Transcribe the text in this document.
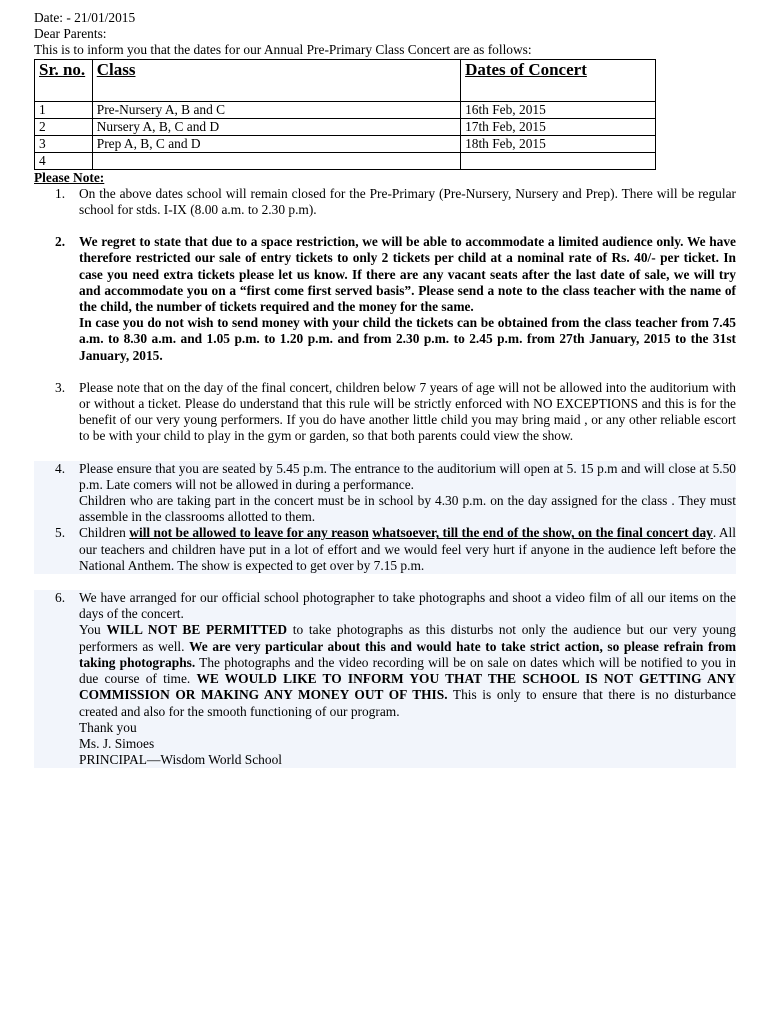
Date: - 21/01/2015

Dear Parents:

This is to inform you that the dates for our Annual Pre-Primary Class Concert are as follows:

Sr. no.	Class	Dates of Concert
1	Pre-Nursery A, B and C	16th Feb, 2015
2	Nursery A, B, C and D	17th Feb, 2015
3	Prep A, B, C and D	18th Feb, 2015
4		

Please Note:

1. On the above dates school will remain closed for the Pre-Primary (Pre-Nursery, Nursery and Prep). There will be regular school for stds. I-IX (8.00 a.m. to 2.30 p.m).
2. We regret to state that due to a space restriction, we will be able to accommodate a limited audience only. We have therefore restricted our sale of entry tickets to only 2 tickets per child at a nominal rate of Rs. 40/- per ticket. In case you need extra tickets please let us know. If there are any vacant seats after the last date of sale, we will try and accommodate you on a “first come first served basis”. Please send a note to the class teacher with the name of the child, the number of tickets required and the money for the same.
In case you do not wish to send money with your child the tickets can be obtained from the class teacher from 7.45 a.m. to 8.30 a.m. and 1.05 p.m. to 1.20 p.m. and from 2.30 p.m. to 2.45 p.m. from 27th January, 2015 to the 31st January, 2015.
3. Please note that on the day of the final concert, children below 7 years of age will not be allowed into the auditorium with or without a ticket. Please do understand that this rule will be strictly enforced with NO EXCEPTIONS and this is for the benefit of our very young performers. If you do have another little child you may bring maid , or any other reliable escort to be with your child to play in the gym or garden, so that both parents could view the show.
4. Please ensure that you are seated by 5.45 p.m. The entrance to the auditorium will open at 5. 15 p.m and will close at 5.50 p.m. Late comers will not be allowed in during a performance.
Children who are taking part in the concert must be in school by 4.30 p.m. on the day assigned for the class . They must assemble in the classrooms allotted to them.
5. Children will not be allowed to leave for any reason whatsoever, till the end of the show, on the final concert day. All our teachers and children have put in a lot of effort and we would feel very hurt if anyone in the audience left before the National Anthem. The show is expected to get over by 7.15 p.m.
6. We have arranged for our official school photographer to take photographs and shoot a video film of all our items on the days of the concert.
You WILL NOT BE PERMITTED to take photographs as this disturbs not only the audience but our very young performers as well. We are very particular about this and would hate to take strict action, so please refrain from taking photographs. The photographs and the video recording will be on sale on dates which will be notified to you in due course of time. WE WOULD LIKE TO INFORM YOU THAT THE SCHOOL IS NOT GETTING ANY COMMISSION OR MAKING ANY MONEY OUT OF THIS. This is only to ensure that there is no disturbance created and also for the smooth functioning of our program.
Thank you
Ms. J. Simoes
PRINCIPAL—Wisdom World School
